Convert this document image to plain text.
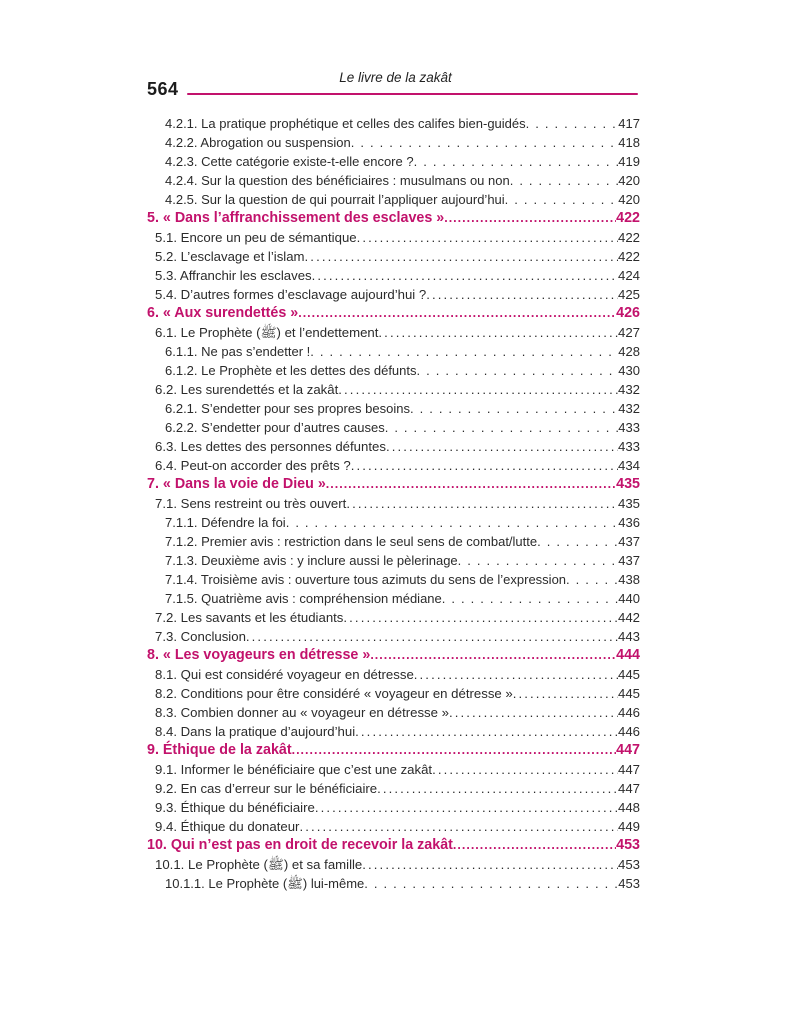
564
Le livre de la zakât
4.2.1. La pratique prophétique et celles des califes bien-guidés .....	417
4.2.2. Abrogation ou suspension .....	418
4.2.3. Cette catégorie existe-t-elle encore ? .....	419
4.2.4. Sur la question des bénéficiaires : musulmans ou non .....	420
4.2.5. Sur la question de qui pourrait l’appliquer aujourd’hui .....	420
5. « Dans l’affranchissement des esclaves » .....	422
5.1. Encore un peu de sémantique .....	422
5.2. L’esclavage et l’islam .....	422
5.3. Affranchir les esclaves .....	424
5.4. D’autres formes d’esclavage aujourd’hui ? .....	425
6. « Aux surendettés » .....	426
6.1. Le Prophète (ﷺ) et l’endettement .....	427
6.1.1. Ne pas s’endetter ! .....	428
6.1.2. Le Prophète et les dettes des défunts .....	430
6.2. Les surendettés et la zakât .....	432
6.2.1. S’endetter pour ses propres besoins .....	432
6.2.2. S’endetter pour d’autres causes .....	433
6.3. Les dettes des personnes défuntes .....	433
6.4. Peut-on accorder des prêts ? .....	434
7. « Dans la voie de Dieu » .....	435
7.1. Sens restreint ou très ouvert .....	435
7.1.1. Défendre la foi .....	436
7.1.2. Premier avis : restriction dans le seul sens de combat/lutte .....	437
7.1.3. Deuxième avis : y inclure aussi le pèlerinage .....	437
7.1.4. Troisième avis : ouverture tous azimuts du sens de l’expression .....	438
7.1.5. Quatrième avis : compréhension médiane .....	440
7.2. Les savants et les étudiants .....	442
7.3. Conclusion .....	443
8. « Les voyageurs en détresse » .....	444
8.1. Qui est considéré voyageur en détresse .....	445
8.2. Conditions pour être considéré « voyageur en détresse » .....	445
8.3. Combien donner au « voyageur en détresse » .....	446
8.4. Dans la pratique d’aujourd’hui .....	446
9. Éthique de la zakât .....	447
9.1. Informer le bénéficiaire que c’est une zakât .....	447
9.2. En cas d’erreur sur le bénéficiaire .....	447
9.3. Éthique du bénéficiaire .....	448
9.4. Éthique du donateur .....	449
10. Qui n’est pas en droit de recevoir la zakât .....	453
10.1. Le Prophète (ﷺ) et sa famille .....	453
10.1.1. Le Prophète (ﷺ) lui-même .....	453
